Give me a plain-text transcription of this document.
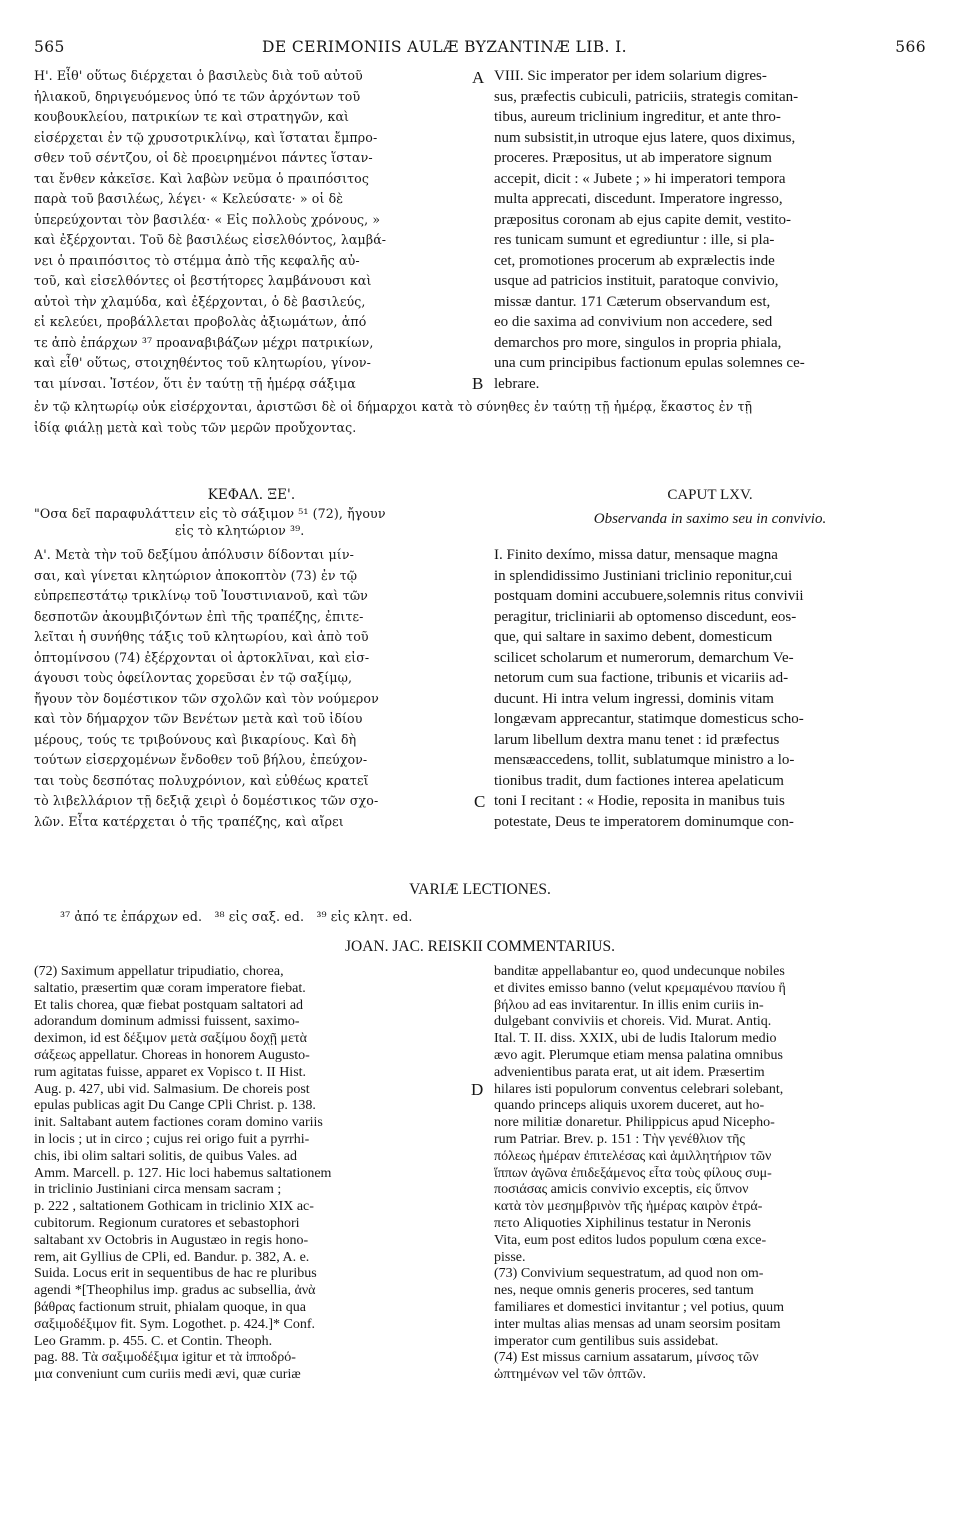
565	DE CERIMONIIS AULÆ BYZANTINÆ LIB. I.	566
Η'. Εἶθ' οὕτως διέρχεται ὁ βασιλεὺς διὰ τοῦ αὐτοῦ
ἡλιακοῦ, δηριγευόμενος ὑπό τε τῶν ἀρχόντων τοῦ
κουβουκλείου, πατρικίων τε καὶ στρατηγῶν, καὶ
εἰσέρχεται ἐν τῷ χρυσοτρικλίνῳ, καὶ ἵσταται ἔμπρο-
σθεν τοῦ σέντζου, οἱ δὲ προειρημένοι πάντες ἵσταν-
ται ἔνθεν κἀκεῖσε. Καὶ λαβὼν νεῦμα ὁ πραιπόσιτος
παρὰ τοῦ βασιλέως, λέγει· « Κελεύσατε· » οἱ δὲ
ὑπερεύχονται τὸν βασιλέα· « Εἰς πολλοὺς χρόνους, »
καὶ ἐξέρχονται. Τοῦ δὲ βασιλέως εἰσελθόντος, λαμβά-
νει ὁ πραιπόσιτος τὸ στέμμα ἀπὸ τῆς κεφαλῆς αὐ-
τοῦ, καὶ εἰσελθόντες οἱ βεστήτορες λαμβάνουσι καὶ
αὐτοὶ τὴν χλαμύδα, καὶ ἐξέρχονται, ὁ δὲ βασιλεύς,
εἰ κελεύει, προβάλλεται προβολὰς ἀξιωμάτων, ἀπό
τε ἀπὸ ἐπάρχων ³⁷ προαναβιβάζων μέχρι πατρικίων,
καὶ εἶθ' οὕτως, στοιχηθέντος τοῦ κλητωρίου, γίνον-
ται μίνσαι. Ἰστέον, ὅτι ἐν ταύτῃ τῇ ἡμέρᾳ σάξιμα
A VIII. Sic imperator per idem solarium digres-
sus, præfectis cubiculi, patriciis, strategis comitan-
tibus, aureum triclinium ingreditur, et ante thro-
num subsistit,in utroque ejus latere, quos diximus,
proceres. Præpositus, ut ab imperatore signum
accepit, dicit : « Jubete ; » hi imperatori tempora
multa apprecati, discedunt. Imperatore ingresso,
præpositus coronam ab ejus capite demit, vestito-
res tunicam sumunt et egrediuntur : ille, si pla-
cet, promotiones procerum ab exprælectis inde
usque ad patricios instituit, paratoque convivio,
missæ dantur. 171 Cæterum observandum est,
eo die saxima ad convivium non accedere, sed
demarchos pro more, singulos in propria phiala,
una cum principibus factionum epulas solemnes ce-
lebrare.
B
ἐν τῷ κλητωρίῳ οὐκ εἰσέρχονται, ἀριστῶσι δὲ οἱ δήμαρχοι κατὰ τὸ σύνηθες ἐν ταύτῃ τῇ ἡμέρᾳ, ἕκαστος ἐν τῇ
ἰδίᾳ φιάλῃ μετὰ καὶ τοὺς τῶν μερῶν προὔχοντας.
ΚΕΦΑΛ. ΞΕ'.
"Οσα δεῖ παραφυλάττειν εἰς τὸ σάξιμον ⁵¹ (72), ἤγουν
εἰς τὸ κλητώριον ³⁹.
CAPUT LXV.
Observanda in saximo seu in convivio.
Α'. Μετὰ τὴν τοῦ δεξίμου ἀπόλυσιν δίδονται μίν-
σαι, καὶ γίνεται κλητώριον ἀποκοπτὸν (73) ἐν τῷ
εὐπρεπεστάτῳ τρικλίνῳ τοῦ Ἰουστινιανοῦ, καὶ τῶν
δεσποτῶν ἀκουμβιζόντων ἐπὶ τῆς τραπέζης, ἐπιτε-
λεῖται ἡ συνήθης τάξις τοῦ κλητωρίου, καὶ ἀπὸ τοῦ
ὀπτομίνσου (74) ἐξέρχονται οἱ ἀρτοκλῖναι, καὶ εἰσ-
άγουσι τοὺς ὀφείλοντας χορεῦσαι ἐν τῷ σαξίμῳ,
ἤγουν τὸν δομέστικον τῶν σχολῶν καὶ τὸν νούμερον
καὶ τὸν δήμαρχον τῶν Βενέτων μετὰ καὶ τοῦ ἰδίου
μέρους, τούς τε τριβούνους καὶ βικαρίους. Καὶ δὴ
τούτων εἰσερχομένων ἔνδοθεν τοῦ βήλου, ἐπεύχον-
ται τοὺς δεσπότας πολυχρόνιον, καὶ εὐθέως κρατεῖ
τὸ λιβελλάριον τῇ δεξιᾷ χειρὶ ὁ δομέστικος τῶν σχο-
λῶν. Εἶτα κατέρχεται ὁ τῆς τραπέζης, καὶ αἴρει
C
I. Finito dexímo, missa datur, mensaque magna
in splendidissimo Justiniani triclinio reponitur,cui
postquam domini accubuere,solemnis ritus convivii
peragitur, tricliniarii ab optomenso discedunt, eos-
que, qui saltare in saximo debent, domesticum
scilicet scholarum et numerorum, demarchum Ve-
netorum cum sua factione, tribunis et vicariis ad-
ducunt. Hi intra velum ingressi, dominis vitam
longævam apprecantur, statimque domesticus scho-
larum libellum dextra manu tenet : id præfectus
mensæaccedens, tollit, sublatumque ministro a lo-
tionibus tradit, dum factiones interea apelaticum
toni I recitant : « Hodie, reposita in manibus tuis
potestate, Deus te imperatorem dominumque con-
VARIÆ LECTIONES.
³⁷ ἀπό τε ἐπάρχων ed.   ³⁸ εἰς σαξ. ed.   ³⁹ εἰς κλητ. ed.
JOAN. JAC. REISKII COMMENTARIUS.
(72) Saximum appellatur tripudiatio, chorea,
saltatio, præsertim quæ coram imperatore fiebat.
Et talis chorea, quæ fiebat postquam saltatori ad
adorandum dominum admissi fuissent, saximo-
deximon, id est δέξιμον μετὰ σαξίμου δοχῇ μετὰ
σάξεως appellatur. Choreas in honorem Augusto-
rum agitatas fuisse, apparet ex Vopisco t. II Hist.
Aug. p. 427, ubi vid. Salmasium. De choreis post
epulas publicas agit Du Cange CPli Christ. p. 138.
init. Saltabant autem factiones coram domino variis
in locis ; ut in circo ; cujus rei origo fuit a pyrrhi-
chis, ibi olim saltari solitis, de quibus Vales. ad
Amm. Marcell. p. 127. Hic loci habemus saltationem
in triclinio Justiniani circa mensam sacram ;
p. 222 , saltationem Gothicam in triclinio XIX ac-
cubitorum. Regionum curatores et sebastophori
saltabant xv Octobris in Augustæo in regis hono-
rem, ait Gyllius de CPli, ed. Bandur. p. 382, A. e.
Suida. Locus erit in sequentibus de hac re pluribus
agendi *[Theophilus imp. gradus ac subsellia, ἀνὰ
βάθρας factionum struit, phialam quoque, in qua
σαξιμοδέξιμον fit. Sym. Logothet. p. 424.]* Conf.
Leo Gramm. p. 455. C. et Contin. Theoph.
pag. 88. Τὰ σαξιμοδέξιμα igitur et τὰ ἱπποδρό-
μια conveniunt cum curiis medi ævi, quæ curiæ
D
banditæ appellabantur eo, quod undecunque nobiles
et divites emisso banno (velut κρεμαμένου πανίου ἢ
βήλου ad eas invitarentur. In illis enim curiis in-
dulgebant conviviis et choreis. Vid. Murat. Antiq.
Ital. T. II. diss. XXIX, ubi de ludis Italorum medio
ævo agit. Plerumque etiam mensa palatina omnibus
advenientibus parata erat, ut ait idem. Præsertim
hilares isti populorum conventus celebrari solebant,
quando princeps aliquis uxorem duceret, aut ho-
nore militiæ donaretur. Philippicus apud Nicepho-
rum Patriar. Brev. p. 151 : Τὴν γενέθλιον τῆς
πόλεως ἡμέραν ἐπιτελέσας καὶ ἁμιλλητήριον τῶν
ἵππων ἀγῶνα ἐπιδεξάμενος εἶτα τοὺς φίλους συμ-
ποσιάσας amicis convivio exceptis, εἰς ὕπνον
κατὰ τὸν μεσημβρινὸν τῆς ἡμέρας καιρὸν ἐτρά-
πετο Aliquoties Xiphilinus testatur in Neronis
Vita, eum post editos ludos populum cœna exce-
pisse.
(73) Convivium sequestratum, ad quod non om-
nes, neque omnis generis proceres, sed tantum
familiares et domestici invitantur ; vel potius, quum
inter multas alias mensas ad unam seorsim positam
imperator cum gentilibus suis assidebat.
(74) Est missus carnium assatarum, μίνσος τῶν
ὠπτημένων vel τῶν ὀπτῶν.
